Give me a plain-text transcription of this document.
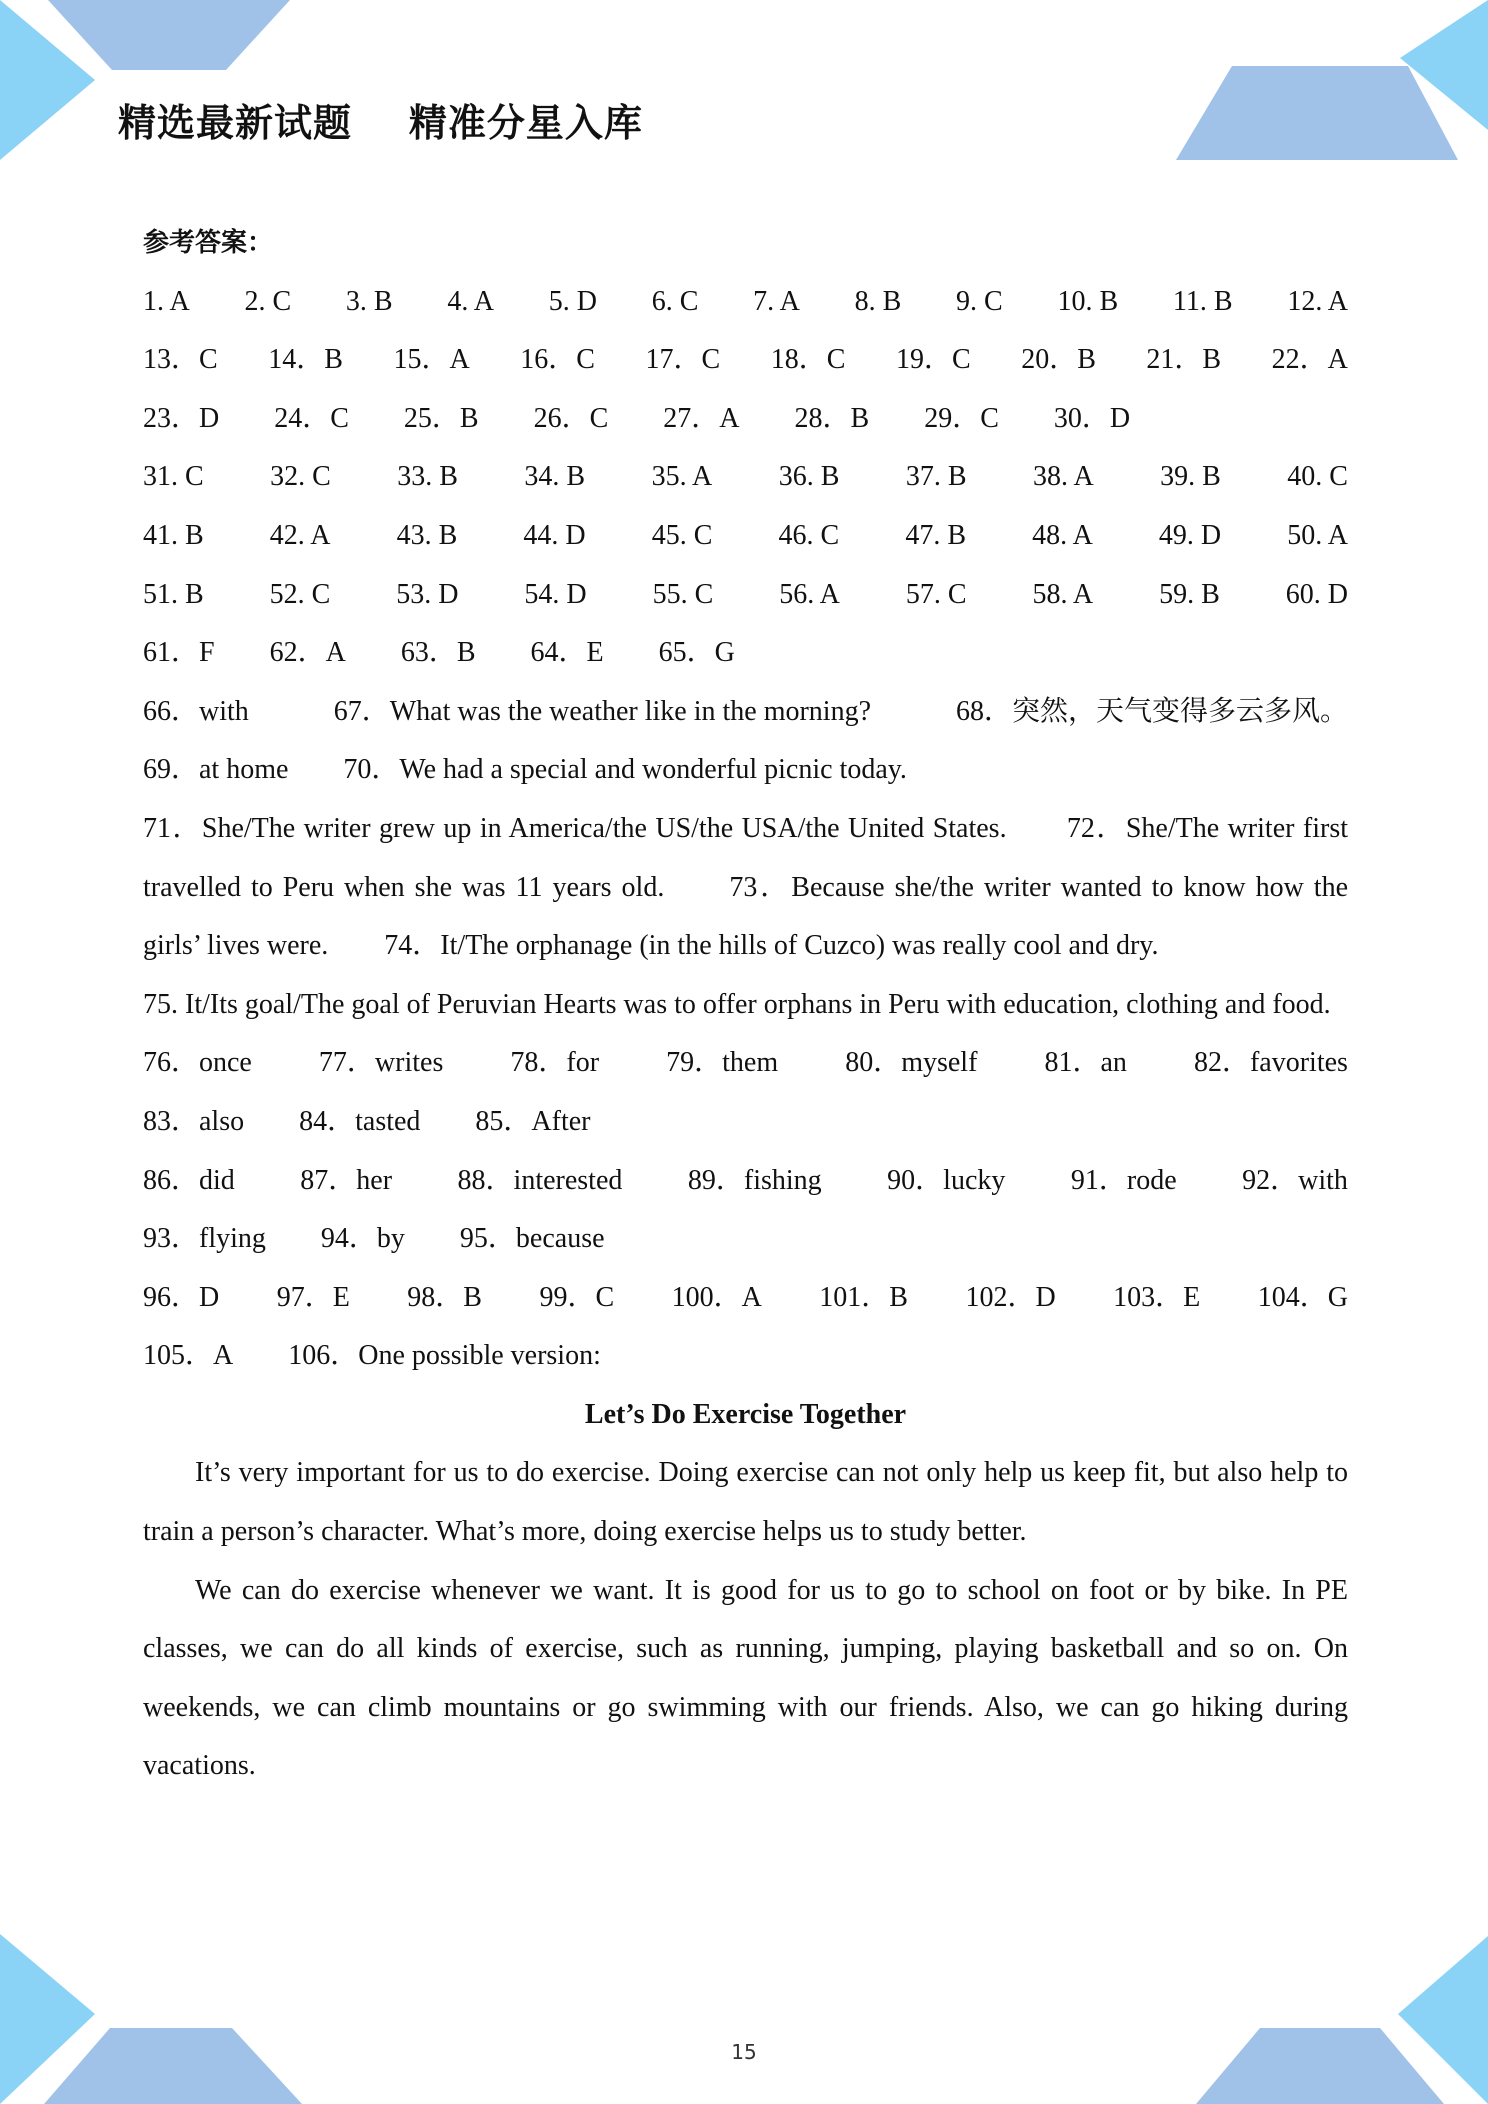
精选最新试题    精准分星入库
参考答案：
1. A 2. C 3. B 4. A 5. D 6. C 7. A 8. B 9. C 10. B 11. B 12. A
13．C 14．B 15．A 16．C 17．C 18．C 19．C 20．B 21．B 22．A
23．D 24．C 25．B 26．C 27．A 28．B 29．C 30．D
31. C 32. C 33. B 34. B 35. A 36. B 37. B 38. A 39. B 40. C
41. B 42. A 43. B 44. D 45. C 46. C 47. B 48. A 49. D 50. A
51. B 52. C 53. D 54. D 55. C 56. A 57. C 58. A 59. B 60. D
61．F 62．A 63．B 64．E 65．G
66．with	67．What was the weather like in the morning?	68．突然，天气变得多云多风。
69．at home 70．We had a special and wonderful picnic today.
71．She/The writer grew up in America/the US/the USA/the United States.　　72．She/The writer first travelled to Peru when she was 11 years old.　　73．Because she/the writer wanted to know how the girls’ lives were.　　74．It/The orphanage (in the hills of Cuzco) was really cool and dry.
75. It/Its goal/The goal of Peruvian Hearts was to offer orphans in Peru with education, clothing and food.
76．once 77．writes 78．for 79．them 80．myself 81．an 82．favorites
83．also 84．tasted 85．After
86．did 87．her 88．interested 89．fishing 90．lucky 91．rode 92．with
93．flying 94．by 95．because
96．D 97．E 98．B 99．C 100．A 101．B 102．D 103．E 104．G
105．A 106．One possible version:
Let’s Do Exercise Together
It’s very important for us to do exercise. Doing exercise can not only help us keep fit, but also help to train a person’s character. What’s more, doing exercise helps us to study better.
We can do exercise whenever we want. It is good for us to go to school on foot or by bike. In PE classes, we can do all kinds of exercise, such as running, jumping, playing basketball and so on. On weekends, we can climb mountains or go swimming with our friends. Also, we can go hiking during vacations.
15
